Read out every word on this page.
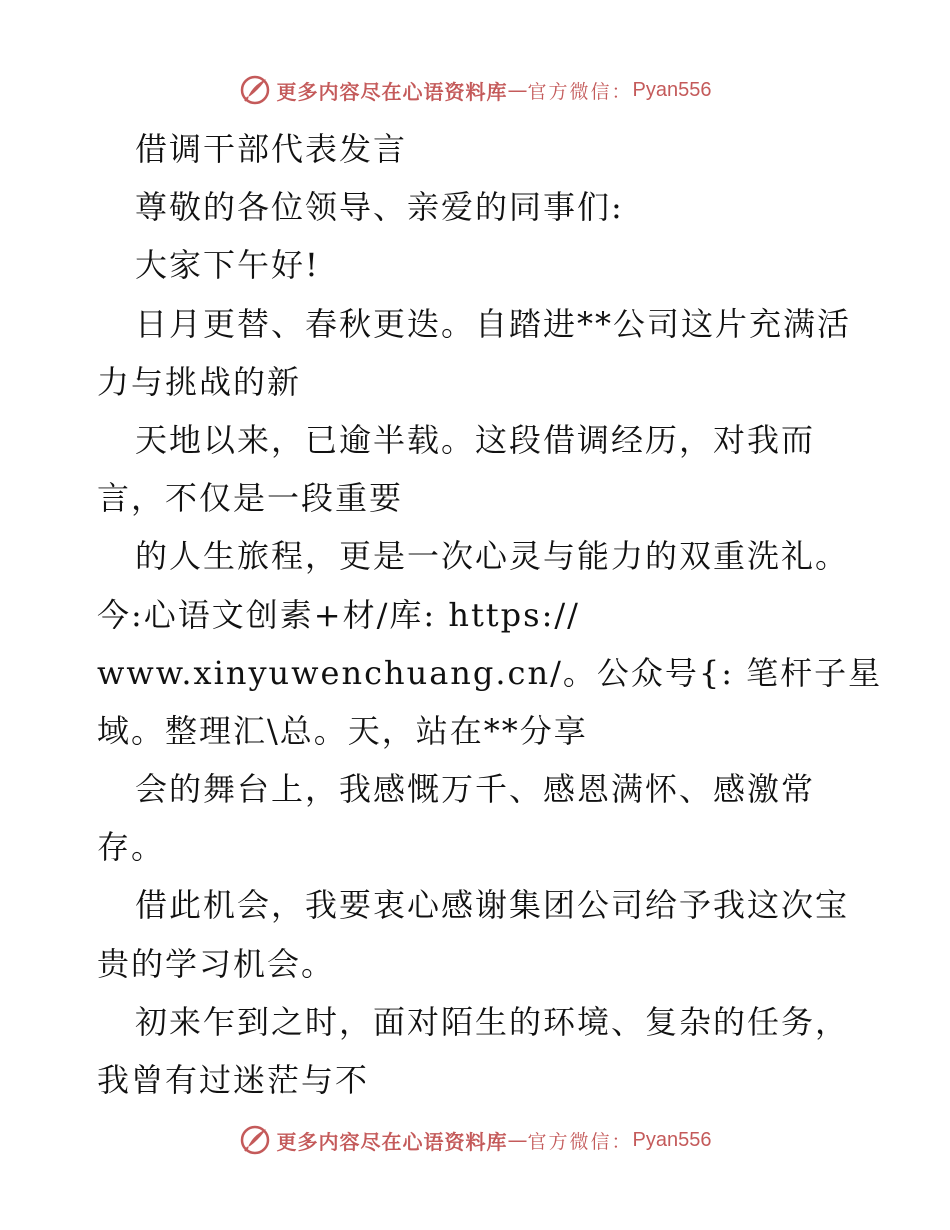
更多内容尽在心语资料库 — 官方微信： Pyan556
借调干部代表发言
尊敬的各位领导、亲爱的同事们:
大家下午好!
日月更替、春秋更迭。自踏进**公司这片充满活
力与挑战的新
天地以来，已逾半载。这段借调经历，对我而
言，不仅是一段重要
的人生旅程，更是一次心灵与能力的双重洗礼。
今:心语文创素+材/库: https://
www.xinyuwenchuang.cn/。公众号{: 笔杆子星
域。整理汇\总。天，站在**分享
会的舞台上，我感慨万千、感恩满怀、感激常
存。
借此机会，我要衷心感谢集团公司给予我这次宝
贵的学习机会。
初来乍到之时，面对陌生的环境、复杂的任务，
我曾有过迷茫与不
更多内容尽在心语资料库 — 官方微信： Pyan556
